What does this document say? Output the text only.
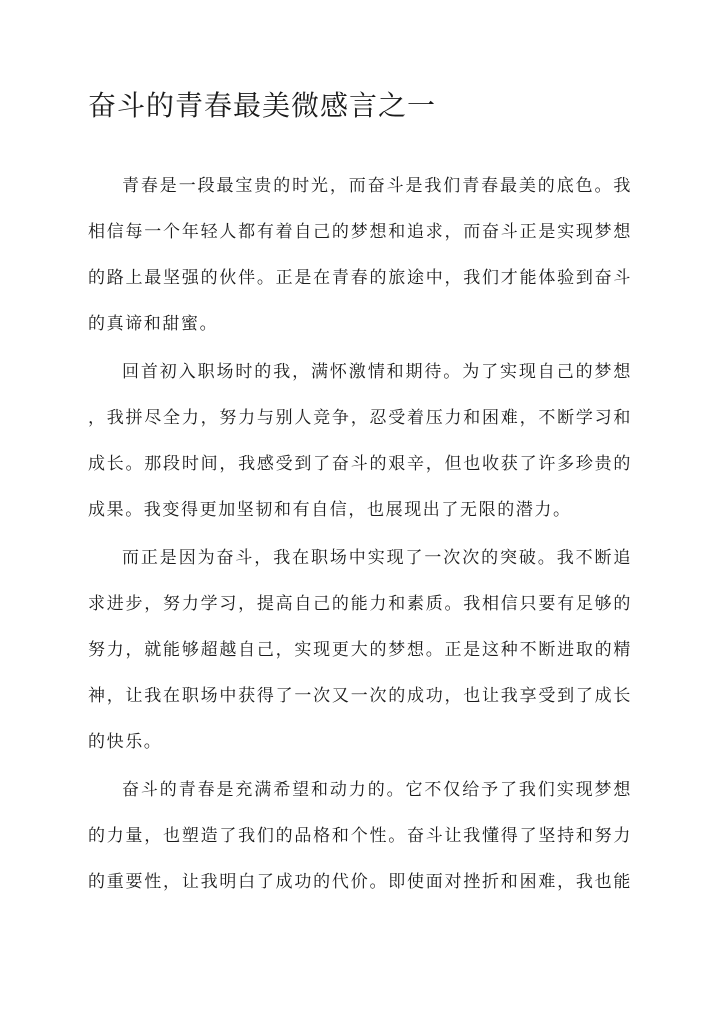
奋斗的青春最美微感言之一
青春是一段最宝贵的时光，而奋斗是我们青春最美的底色。我
相信每一个年轻人都有着自己的梦想和追求，而奋斗正是实现梦想
的路上最坚强的伙伴。正是在青春的旅途中，我们才能体验到奋斗
的真谛和甜蜜。
回首初入职场时的我，满怀激情和期待。为了实现自己的梦想
，我拼尽全力，努力与别人竞争，忍受着压力和困难，不断学习和
成长。那段时间，我感受到了奋斗的艰辛，但也收获了许多珍贵的
成果。我变得更加坚韧和有自信，也展现出了无限的潜力。
而正是因为奋斗，我在职场中实现了一次次的突破。我不断追
求进步，努力学习，提高自己的能力和素质。我相信只要有足够的
努力，就能够超越自己，实现更大的梦想。正是这种不断进取的精
神，让我在职场中获得了一次又一次的成功，也让我享受到了成长
的快乐。
奋斗的青春是充满希望和动力的。它不仅给予了我们实现梦想
的力量，也塑造了我们的品格和个性。奋斗让我懂得了坚持和努力
的重要性，让我明白了成功的代价。即使面对挫折和困难，我也能
